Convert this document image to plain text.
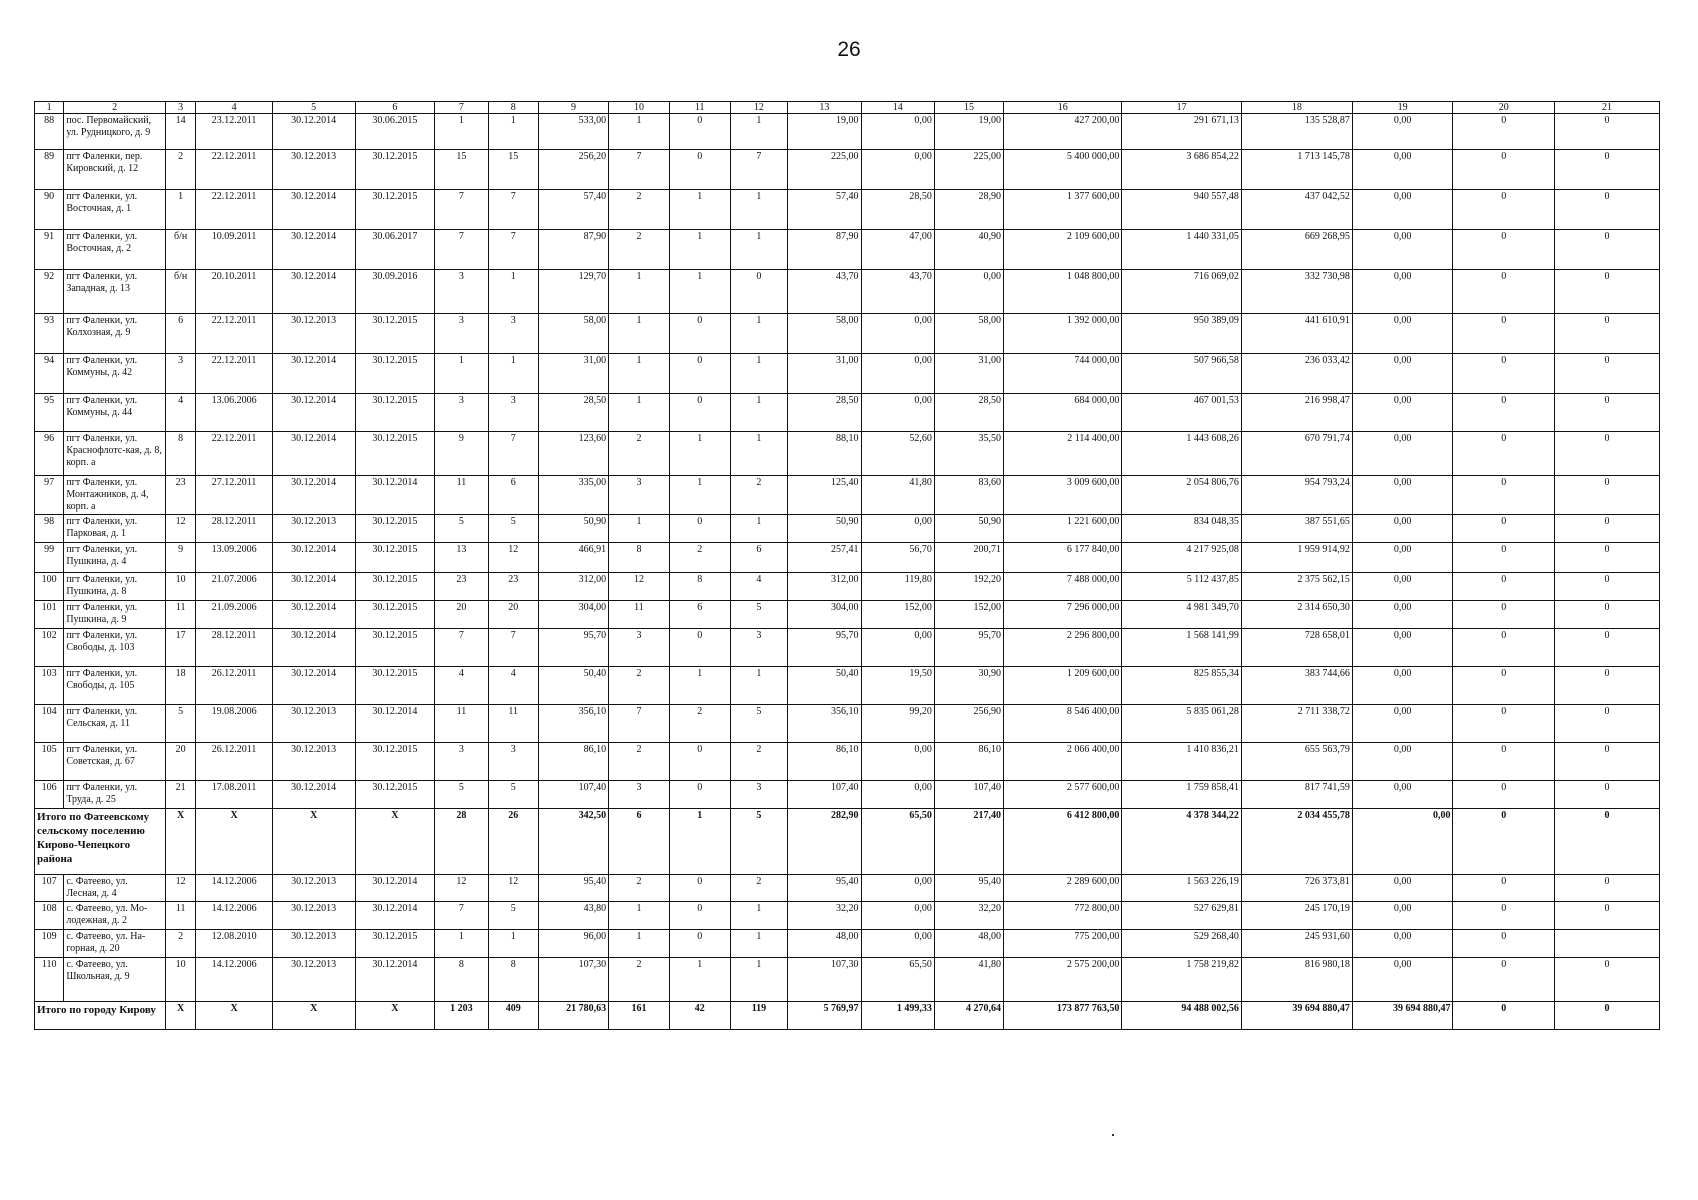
26
1	2	3	4	5	6	7	8	9	10	11	12	13	14	15	16	17	18	19	20	21
88	пос. Первомайский, ул. Рудницкого, д. 9	14	23.12.2011	30.12.2014	30.06.2015	1	1	533,00	1	0	1	19,00	0,00	19,00	427 200,00	291 671,13	135 528,87	0,00	0	0
89	пгт Фаленки, пер. Кировский, д. 12	2	22.12.2011	30.12.2013	30.12.2015	15	15	256,20	7	0	7	225,00	0,00	225,00	5 400 000,00	3 686 854,22	1 713 145,78	0,00	0	0
90	пгт Фаленки, ул. Восточная, д. 1	1	22.12.2011	30.12.2014	30.12.2015	7	7	57,40	2	1	1	57,40	28,50	28,90	1 377 600,00	940 557,48	437 042,52	0,00	0	0
91	пгт Фаленки, ул. Восточная, д. 2	б/н	10.09.2011	30.12.2014	30.06.2017	7	7	87,90	2	1	1	87,90	47,00	40,90	2 109 600,00	1 440 331,05	669 268,95	0,00	0	0
92	пгт Фаленки, ул. Западная, д. 13	б/н	20.10.2011	30.12.2014	30.09.2016	3	1	129,70	1	1	0	43,70	43,70	0,00	1 048 800,00	716 069,02	332 730,98	0,00	0	0
93	пгт Фаленки, ул. Колхозная, д. 9	6	22.12.2011	30.12.2013	30.12.2015	3	3	58,00	1	0	1	58,00	0,00	58,00	1 392 000,00	950 389,09	441 610,91	0,00	0	0
94	пгт Фаленки, ул. Коммуны, д. 42	3	22.12.2011	30.12.2014	30.12.2015	1	1	31,00	1	0	1	31,00	0,00	31,00	744 000,00	507 966,58	236 033,42	0,00	0	0
95	пгт Фаленки, ул. Коммуны, д. 44	4	13.06.2006	30.12.2014	30.12.2015	3	3	28,50	1	0	1	28,50	0,00	28,50	684 000,00	467 001,53	216 998,47	0,00	0	0
96	пгт Фаленки, ул. Краснофлотс-кая, д. 8, корп. а	8	22.12.2011	30.12.2014	30.12.2015	9	7	123,60	2	1	1	88,10	52,60	35,50	2 114 400,00	1 443 608,26	670 791,74	0,00	0	0
97	пгт Фаленки, ул. Монтажников, д. 4, корп. а	23	27.12.2011	30.12.2014	30.12.2014	11	6	335,00	3	1	2	125,40	41,80	83,60	3 009 600,00	2 054 806,76	954 793,24	0,00	0	0
98	пгт Фаленки, ул. Парковая, д. 1	12	28.12.2011	30.12.2013	30.12.2015	5	5	50,90	1	0	1	50,90	0,00	50,90	1 221 600,00	834 048,35	387 551,65	0,00	0	0
99	пгт Фаленки, ул. Пушкина, д. 4	9	13.09.2006	30.12.2014	30.12.2015	13	12	466,91	8	2	6	257,41	56,70	200,71	6 177 840,00	4 217 925,08	1 959 914,92	0,00	0	0
100	пгт Фаленки, ул. Пушкина, д. 8	10	21.07.2006	30.12.2014	30.12.2015	23	23	312,00	12	8	4	312,00	119,80	192,20	7 488 000,00	5 112 437,85	2 375 562,15	0,00	0	0
101	пгт Фаленки, ул. Пушкина, д. 9	11	21.09.2006	30.12.2014	30.12.2015	20	20	304,00	11	6	5	304,00	152,00	152,00	7 296 000,00	4 981 349,70	2 314 650,30	0,00	0	0
102	пгт Фаленки, ул. Свободы, д. 103	17	28.12.2011	30.12.2014	30.12.2015	7	7	95,70	3	0	3	95,70	0,00	95,70	2 296 800,00	1 568 141,99	728 658,01	0,00	0	0
103	пгт Фаленки, ул. Свободы, д. 105	18	26.12.2011	30.12.2014	30.12.2015	4	4	50,40	2	1	1	50,40	19,50	30,90	1 209 600,00	825 855,34	383 744,66	0,00	0	0
104	пгт Фаленки, ул. Сельская, д. 11	5	19.08.2006	30.12.2013	30.12.2014	11	11	356,10	7	2	5	356,10	99,20	256,90	8 546 400,00	5 835 061,28	2 711 338,72	0,00	0	0
105	пгт Фаленки, ул. Советская, д. 67	20	26.12.2011	30.12.2013	30.12.2015	3	3	86,10	2	0	2	86,10	0,00	86,10	2 066 400,00	1 410 836,21	655 563,79	0,00	0	0
106	пгт Фаленки, ул. Труда, д. 25	21	17.08.2011	30.12.2014	30.12.2015	5	5	107,40	3	0	3	107,40	0,00	107,40	2 577 600,00	1 759 858,41	817 741,59	0,00	0	0
Итого по Фатеевскому сельскому поселению Кирово-Чепецкого района		X	X	X	X	28	26	342,50	6	1	5	282,90	65,50	217,40	6 412 800,00	4 378 344,22	2 034 455,78	0,00	0	0
107	с. Фатеево, ул. Лесная, д. 4	12	14.12.2006	30.12.2013	30.12.2014	12	12	95,40	2	0	2	95,40	0,00	95,40	2 289 600,00	1 563 226,19	726 373,81	0,00	0	0
108	с. Фатеево, ул. Мо-лодежная, д. 2	11	14.12.2006	30.12.2013	30.12.2014	7	5	43,80	1	0	1	32,20	0,00	32,20	772 800,00	527 629,81	245 170,19	0,00	0	0
109	с. Фатеево, ул. На-горная, д. 20	2	12.08.2010	30.12.2013	30.12.2015	1	1	96,00	1	0	1	48,00	0,00	48,00	775 200,00	529 268,40	245 931,60	0,00	0	
110	с. Фатеево, ул. Школьная, д. 9	10	14.12.2006	30.12.2013	30.12.2014	8	8	107,30	2	1	1	107,30	65,50	41,80	2 575 200,00	1 758 219,82	816 980,18	0,00	0	0
Итого по городу Кирову		X	X	X	X	1 203	409	21 780,63	161	42	119	5 769,97	1 499,33	4 270,64	173 877 763,50	94 488 002,56	39 694 880,47	39 694 880,47	0	0
